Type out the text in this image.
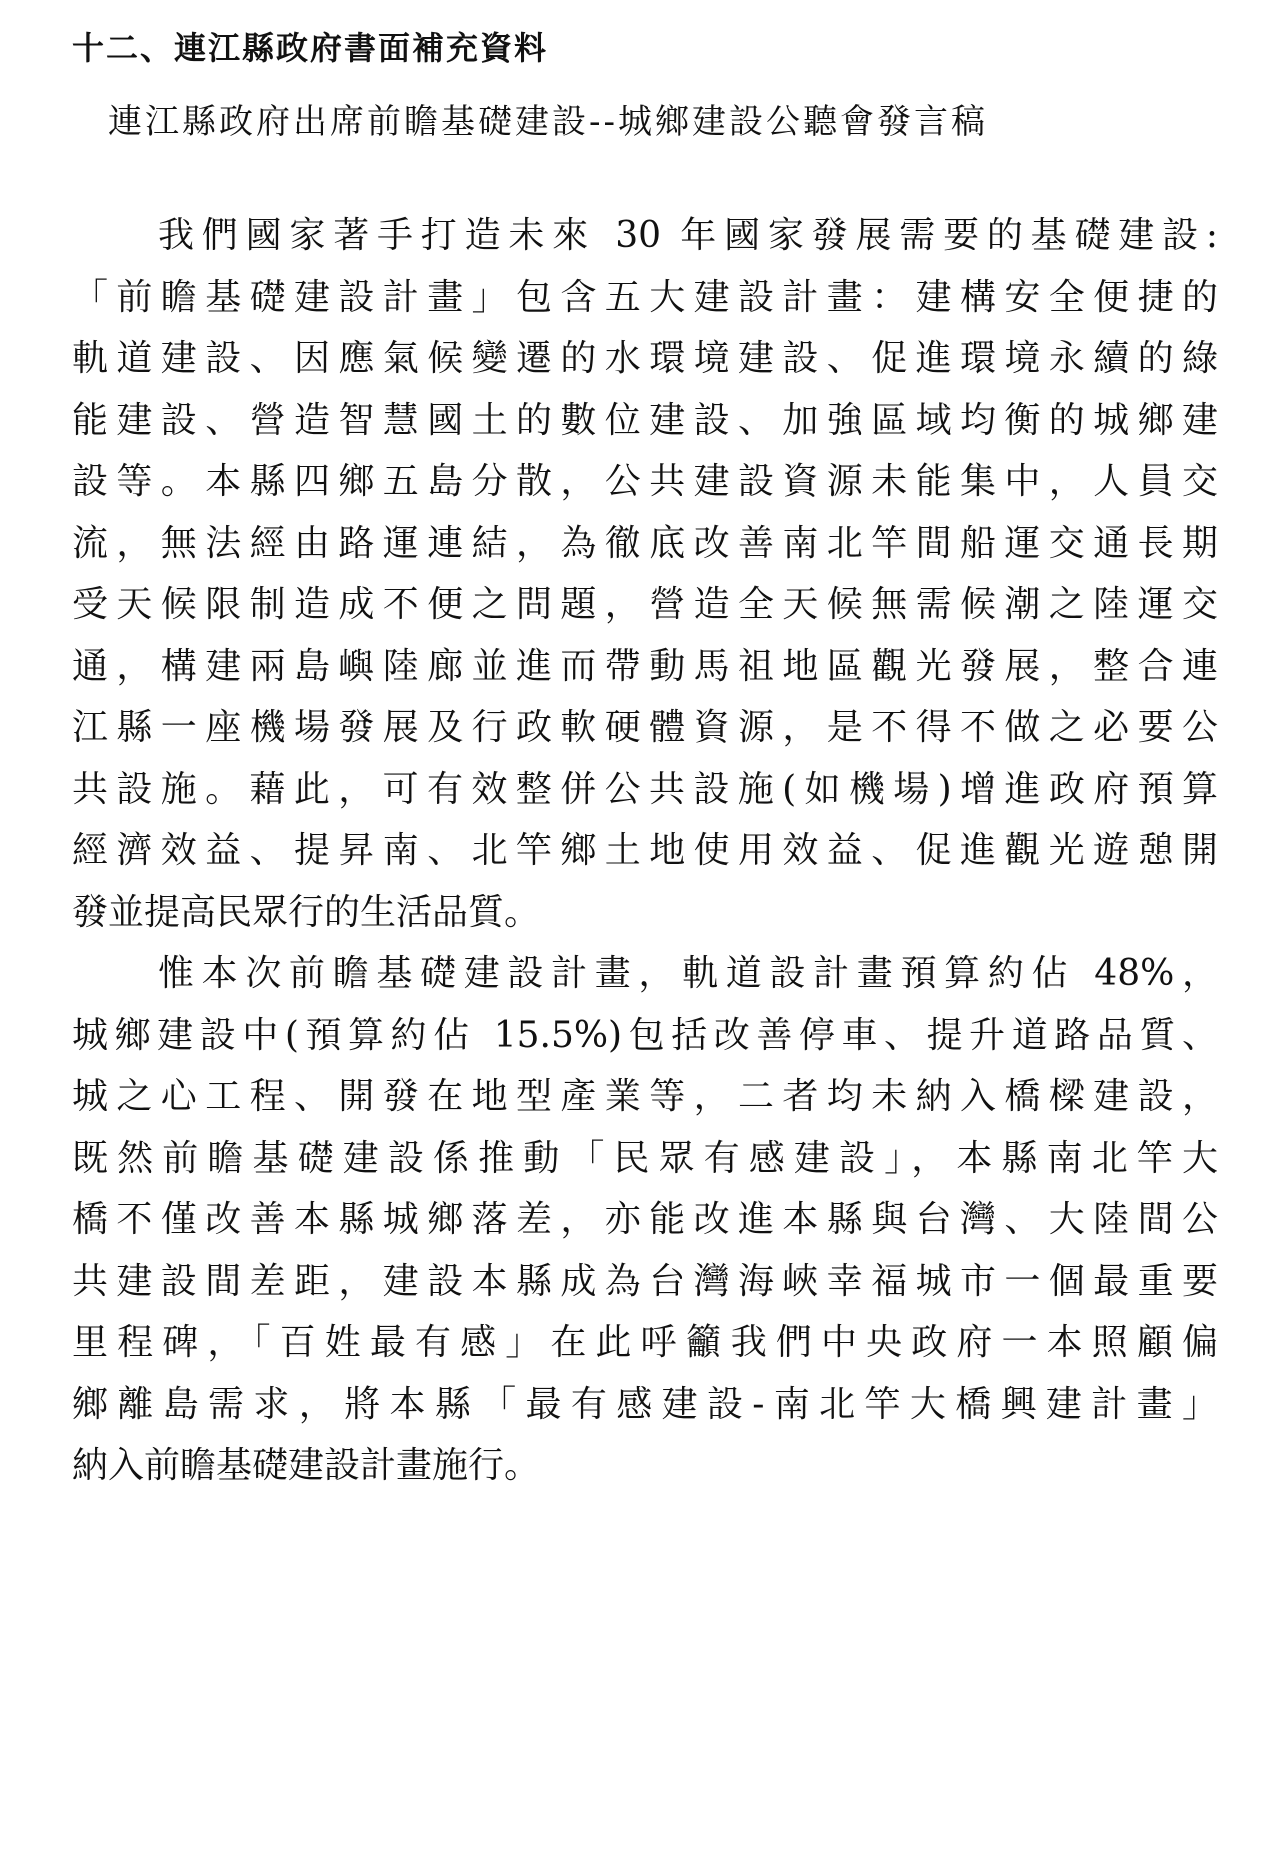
十二、連江縣政府書面補充資料
連江縣政府出席前瞻基礎建設--城鄉建設公聽會發言稿
我們國家著手打造未來 30 年國家發展需要的基礎建設:
「前瞻基礎建設計畫」包含五大建設計畫：建構安全便捷的
軌道建設、因應氣候變遷的水環境建設、促進環境永續的綠
能建設、營造智慧國土的數位建設、加強區域均衡的城鄉建
設等。本縣四鄉五島分散，公共建設資源未能集中，人員交
流，無法經由路運連結，為徹底改善南北竿間船運交通長期
受天候限制造成不便之問題，營造全天候無需候潮之陸運交
通，構建兩島嶼陸廊並進而帶動馬祖地區觀光發展，整合連
江縣一座機場發展及行政軟硬體資源，是不得不做之必要公
共設施。藉此，可有效整併公共設施(如機場)增進政府預算
經濟效益、提昇南、北竿鄉土地使用效益、促進觀光遊憩開
發並提高民眾行的生活品質。
惟本次前瞻基礎建設計畫，軌道設計畫預算約佔 48%，
城鄉建設中(預算約佔 15.5%)包括改善停車、提升道路品質、
城之心工程、開發在地型產業等，二者均未納入橋樑建設，
既然前瞻基礎建設係推動「民眾有感建設」，本縣南北竿大
橋不僅改善本縣城鄉落差，亦能改進本縣與台灣、大陸間公
共建設間差距，建設本縣成為台灣海峽幸福城市一個最重要
里程碑，「百姓最有感」在此呼籲我們中央政府一本照顧偏
鄉離島需求，將本縣「最有感建設-南北竿大橋興建計畫」
納入前瞻基礎建設計畫施行。
